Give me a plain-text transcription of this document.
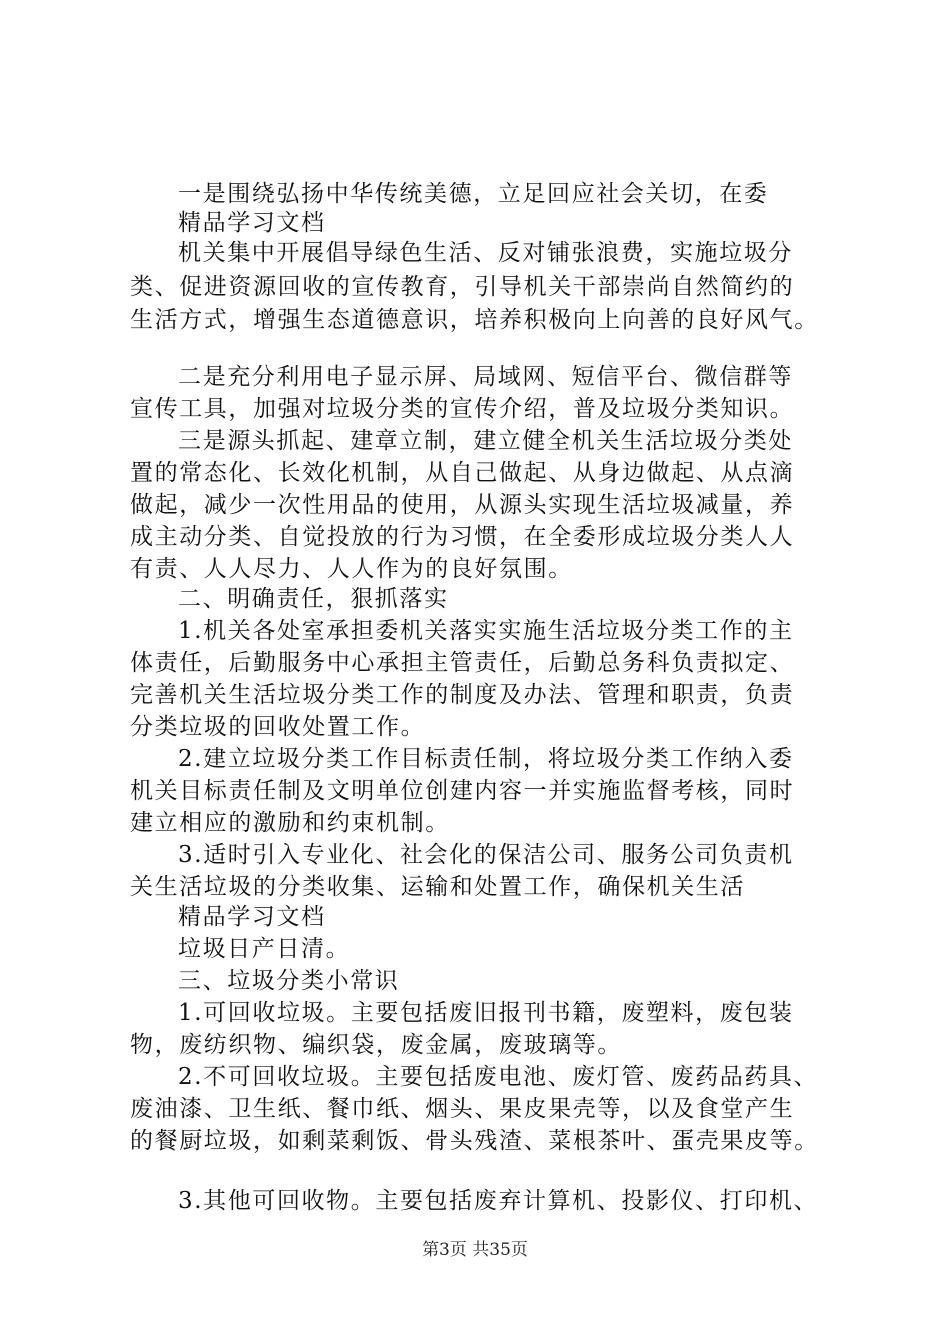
一是围绕弘扬中华传统美德，立足回应社会关切，在委
精品学习文档
机关集中开展倡导绿色生活、反对铺张浪费，实施垃圾分
类、促进资源回收的宣传教育，引导机关干部崇尚自然简约的
生活方式，增强生态道德意识，培养积极向上向善的良好风气。
二是充分利用电子显示屏、局域网、短信平台、微信群等
宣传工具，加强对垃圾分类的宣传介绍，普及垃圾分类知识。
三是源头抓起、建章立制，建立健全机关生活垃圾分类处
置的常态化、长效化机制，从自己做起、从身边做起、从点滴
做起，减少一次性用品的使用，从源头实现生活垃圾减量，养
成主动分类、自觉投放的行为习惯，在全委形成垃圾分类人人
有责、人人尽力、人人作为的良好氛围。
二、明确责任，狠抓落实
1.机关各处室承担委机关落实实施生活垃圾分类工作的主
体责任，后勤服务中心承担主管责任，后勤总务科负责拟定、
完善机关生活垃圾分类工作的制度及办法、管理和职责，负责
分类垃圾的回收处置工作。
2.建立垃圾分类工作目标责任制，将垃圾分类工作纳入委
机关目标责任制及文明单位创建内容一并实施监督考核，同时
建立相应的激励和约束机制。
3.适时引入专业化、社会化的保洁公司、服务公司负责机
关生活垃圾的分类收集、运输和处置工作，确保机关生活
精品学习文档
垃圾日产日清。
三、垃圾分类小常识
1.可回收垃圾。主要包括废旧报刊书籍，废塑料，废包装
物，废纺织物、编织袋，废金属，废玻璃等。
2.不可回收垃圾。主要包括废电池、废灯管、废药品药具、
废油漆、卫生纸、餐巾纸、烟头、果皮果壳等，以及食堂产生
的餐厨垃圾，如剩菜剩饭、骨头残渣、菜根茶叶、蛋壳果皮等。
3.其他可回收物。主要包括废弃计算机、投影仪、打印机、
第3页 共35页
